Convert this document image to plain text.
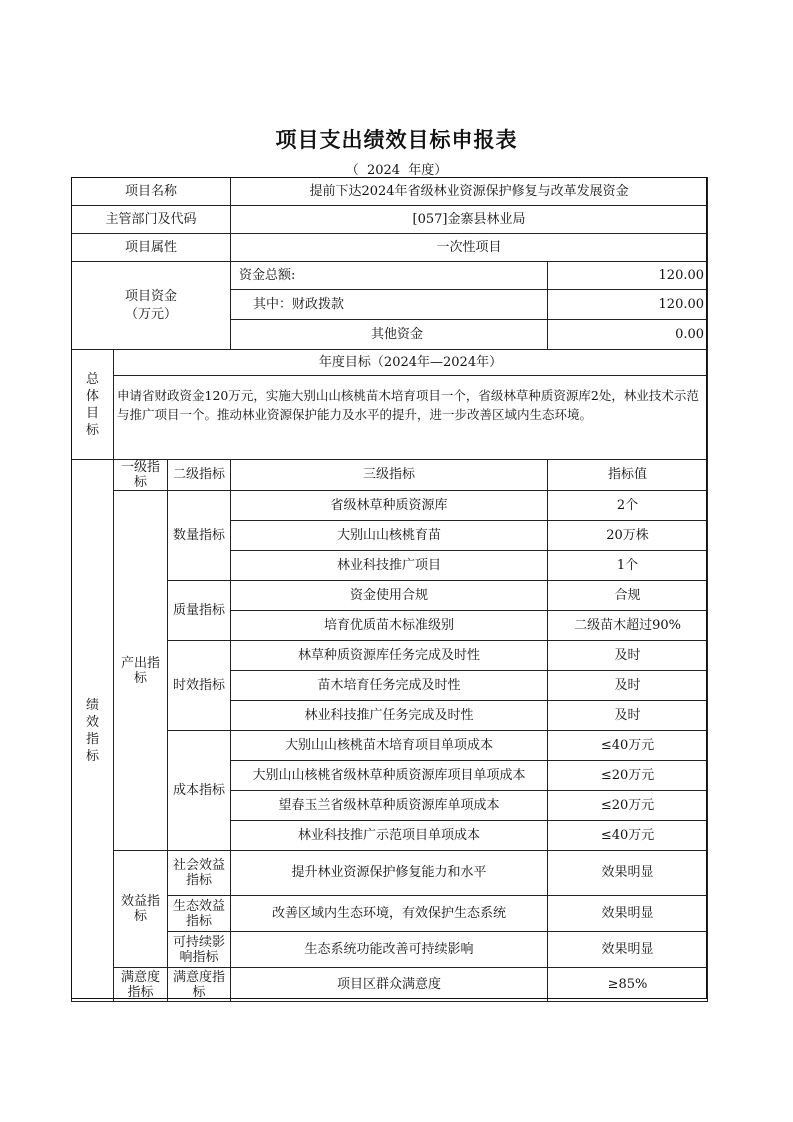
项目支出绩效目标申报表
（  2024  年度）
项目名称			提前下达2024年省级林业资源保护修复与改革发展资金	
主管部门及代码			[057]金寨县林业局	
项目属性			一次性项目	
项目资金
（万元）			资金总额:	120.00
			其中：财政拨款	120.00
			其他资金	0.00
总
体
目
标	年度目标（2024年—2024年）			
	申请省财政资金120万元，实施大别山山核桃苗木培育项目一个，省级林草种质资源库2处，林业技术示范与推广项目一个。推动林业资源保护能力及水平的提升，进一步改善区域内生态环境。			
绩
效
指
标	一级指标	二级指标	三级指标	指标值
	产出指标	数量指标	省级林草种质资源库	2个
			大别山山核桃育苗	20万株
			林业科技推广项目	1个
		质量指标	资金使用合规	合规
			培育优质苗木标准级别	二级苗木超过90%
		时效指标	林草种质资源库任务完成及时性	及时
			苗木培育任务完成及时性	及时
			林业科技推广任务完成及时性	及时
		成本指标	大别山山核桃苗木培育项目单项成本	≤40万元
			大别山山核桃省级林草种质资源库项目单项成本	≤20万元
			望春玉兰省级林草种质资源库单项成本	≤20万元
			林业科技推广示范项目单项成本	≤40万元
	效益指标	社会效益指标	提升林业资源保护修复能力和水平	效果明显
		生态效益指标	改善区域内生态环境，有效保护生态系统	效果明显
		可持续影响指标	生态系统功能改善可持续影响	效果明显
	满意度指标	满意度指标	项目区群众满意度	≥85%
